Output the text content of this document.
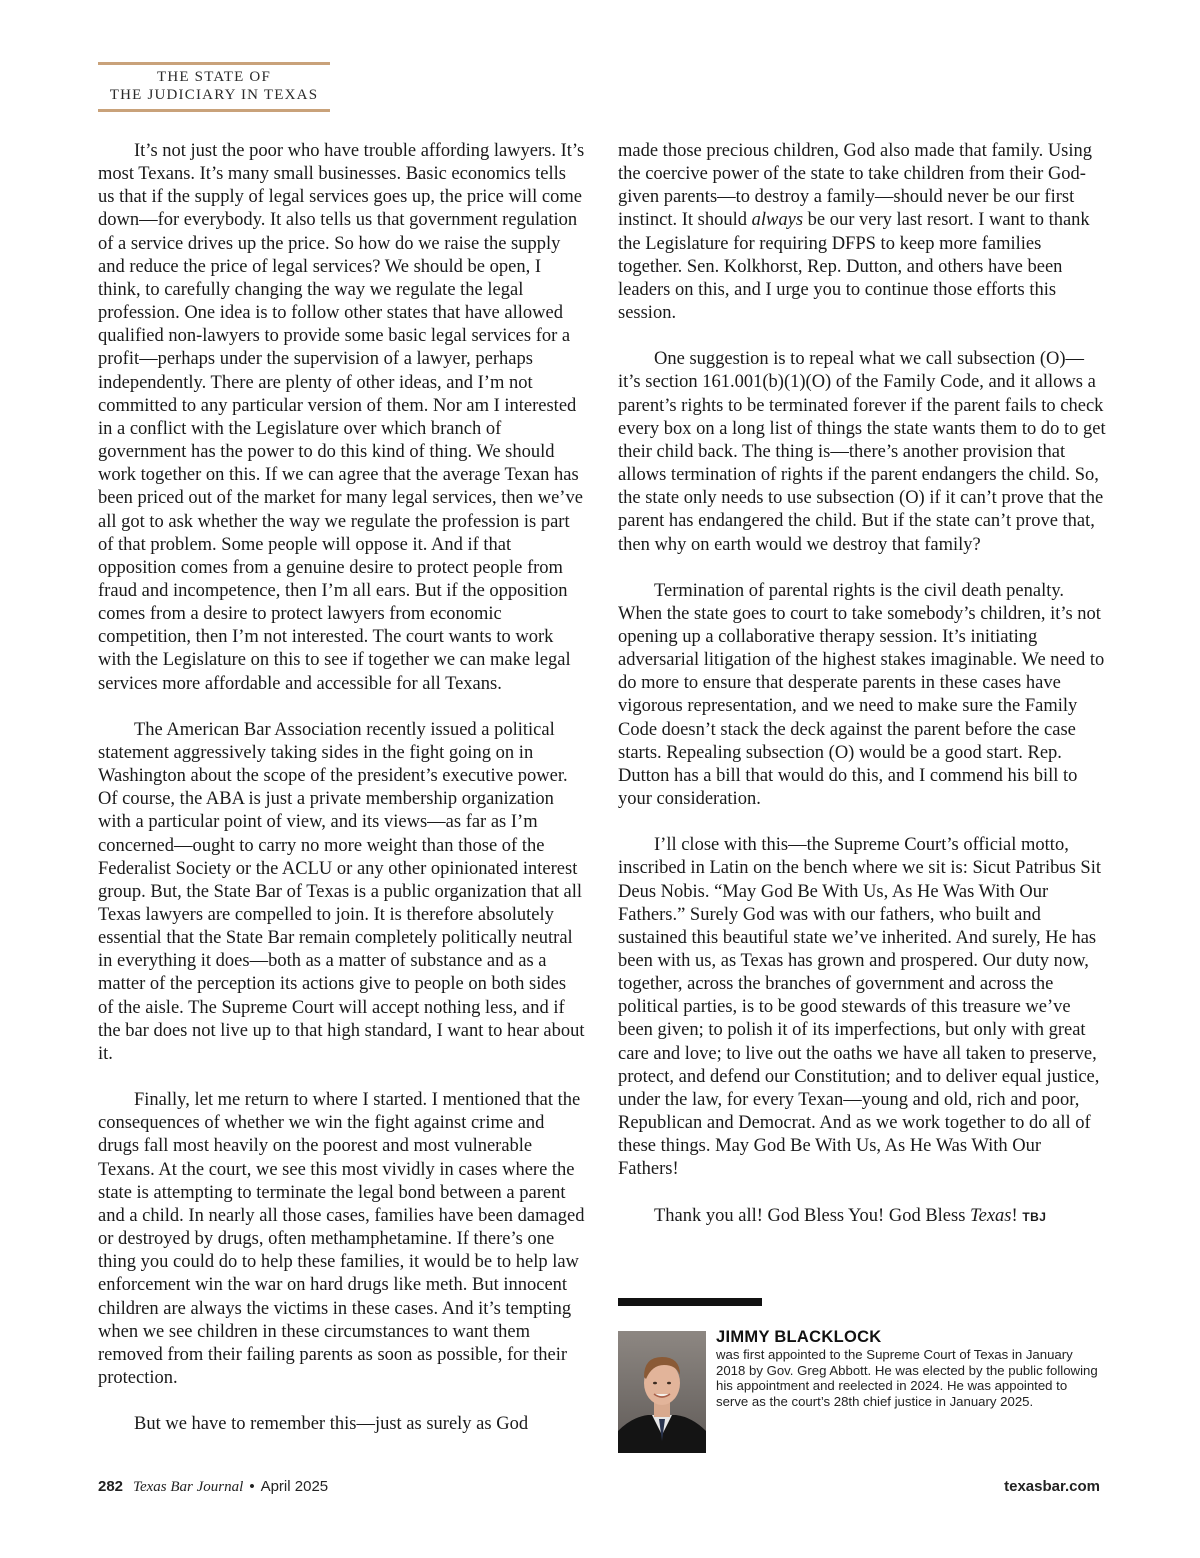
THE STATE OF
THE JUDICIARY IN TEXAS

It’s not just the poor who have trouble affording lawyers. It’s most Texans. It’s many small businesses. Basic economics tells us that if the supply of legal services goes up, the price will come down—for everybody. It also tells us that government regulation of a service drives up the price. So how do we raise the supply and reduce the price of legal services? We should be open, I think, to carefully changing the way we regulate the legal profession. One idea is to follow other states that have allowed qualified non-lawyers to provide some basic legal services for a profit—perhaps under the supervision of a lawyer, perhaps independently. There are plenty of other ideas, and I’m not committed to any particular version of them. Nor am I interested in a conflict with the Legislature over which branch of government has the power to do this kind of thing. We should work together on this. If we can agree that the average Texan has been priced out of the market for many legal services, then we’ve all got to ask whether the way we regulate the profession is part of that problem. Some people will oppose it. And if that opposition comes from a genuine desire to protect people from fraud and incompetence, then I’m all ears. But if the opposition comes from a desire to protect lawyers from economic competition, then I’m not interested. The court wants to work with the Legislature on this to see if together we can make legal services more affordable and accessible for all Texans.

The American Bar Association recently issued a political statement aggressively taking sides in the fight going on in Washington about the scope of the president’s executive power. Of course, the ABA is just a private membership organization with a particular point of view, and its views—as far as I’m concerned—ought to carry no more weight than those of the Federalist Society or the ACLU or any other opinionated interest group. But, the State Bar of Texas is a public organization that all Texas lawyers are compelled to join. It is therefore absolutely essential that the State Bar remain completely politically neutral in everything it does—both as a matter of substance and as a matter of the perception its actions give to people on both sides of the aisle. The Supreme Court will accept nothing less, and if the bar does not live up to that high standard, I want to hear about it.

Finally, let me return to where I started. I mentioned that the consequences of whether we win the fight against crime and drugs fall most heavily on the poorest and most vulnerable Texans. At the court, we see this most vividly in cases where the state is attempting to terminate the legal bond between a parent and a child. In nearly all those cases, families have been damaged or destroyed by drugs, often methamphetamine. If there’s one thing you could do to help these families, it would be to help law enforcement win the war on hard drugs like meth. But innocent children are always the victims in these cases. And it’s tempting when we see children in these circumstances to want them removed from their failing parents as soon as possible, for their protection.

But we have to remember this—just as surely as God

made those precious children, God also made that family. Using the coercive power of the state to take children from their God-given parents—to destroy a family—should never be our first instinct. It should always be our very last resort. I want to thank the Legislature for requiring DFPS to keep more families together. Sen. Kolkhorst, Rep. Dutton, and others have been leaders on this, and I urge you to continue those efforts this session.

One suggestion is to repeal what we call subsection (O)—it’s section 161.001(b)(1)(O) of the Family Code, and it allows a parent’s rights to be terminated forever if the parent fails to check every box on a long list of things the state wants them to do to get their child back. The thing is—there’s another provision that allows termination of rights if the parent endangers the child. So, the state only needs to use subsection (O) if it can’t prove that the parent has endangered the child. But if the state can’t prove that, then why on earth would we destroy that family?

Termination of parental rights is the civil death penalty. When the state goes to court to take somebody’s children, it’s not opening up a collaborative therapy session. It’s initiating adversarial litigation of the highest stakes imaginable. We need to do more to ensure that desperate parents in these cases have vigorous representation, and we need to make sure the Family Code doesn’t stack the deck against the parent before the case starts. Repealing subsection (O) would be a good start. Rep. Dutton has a bill that would do this, and I commend his bill to your consideration.

I’ll close with this—the Supreme Court’s official motto, inscribed in Latin on the bench where we sit is: Sicut Patribus Sit Deus Nobis. “May God Be With Us, As He Was With Our Fathers.” Surely God was with our fathers, who built and sustained this beautiful state we’ve inherited. And surely, He has been with us, as Texas has grown and prospered. Our duty now, together, across the branches of government and across the political parties, is to be good stewards of this treasure we’ve been given; to polish it of its imperfections, but only with great care and love; to live out the oaths we have all taken to preserve, protect, and defend our Constitution; and to deliver equal justice, under the law, for every Texan—young and old, rich and poor, Republican and Democrat. And as we work together to do all of these things. May God Be With Us, As He Was With Our Fathers!

Thank you all! God Bless You! God Bless Texas! TBJ

JIMMY BLACKLOCK
was first appointed to the Supreme Court of Texas in January 2018 by Gov. Greg Abbott. He was elected by the public following his appointment and reelected in 2024. He was appointed to serve as the court’s 28th chief justice in January 2025.
282 Texas Bar Journal • April 2025	texasbar.com
